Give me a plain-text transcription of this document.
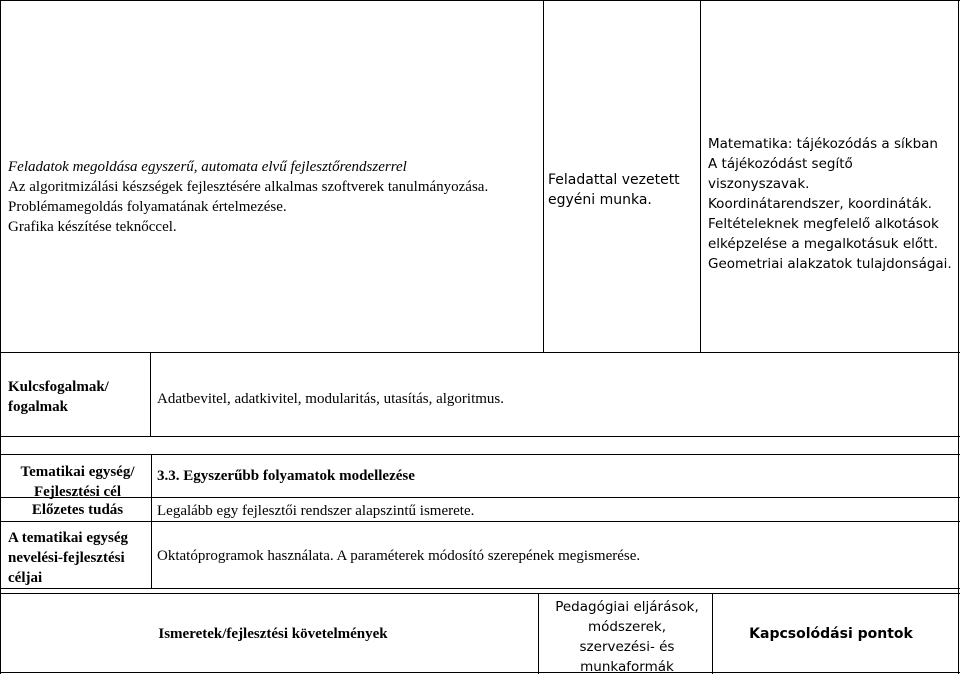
Feladatok megoldása egyszerű, automata elvű fejlesztőrendszerrel
Az algoritmizálási készségek fejlesztésére alkalmas szoftverek tanulmányozása.
Problémamegoldás folyamatának értelmezése.
Grafika készítése teknőccel.
Feladattal vezetett
egyéni munka.
Matematika: tájékozódás a síkban
A tájékozódást segítő viszonyszavak.
Koordinátarendszer, koordináták.
Feltételeknek megfelelő alkotások
elképzelése a megalkotásuk előtt.
Geometriai alakzatok tulajdonságai.
Kulcsfogalmak/
fogalmak	Adatbevitel, adatkivitel, modularitás, utasítás, algoritmus.
Tematikai egység/
Fejlesztési cél
3.3. Egyszerűbb folyamatok modellezése
Előzetes tudás	Legalább egy fejlesztői rendszer alapszintű ismerete.
A tematikai egység
nevelési-fejlesztési
céljai
Oktatóprogramok használata. A paraméterek módosító szerepének megismerése.
Ismeretek/fejlesztési követelmények
Pedagógiai eljárások,
módszerek,
szervezési- és
munkaformák
Kapcsolódási pontok
